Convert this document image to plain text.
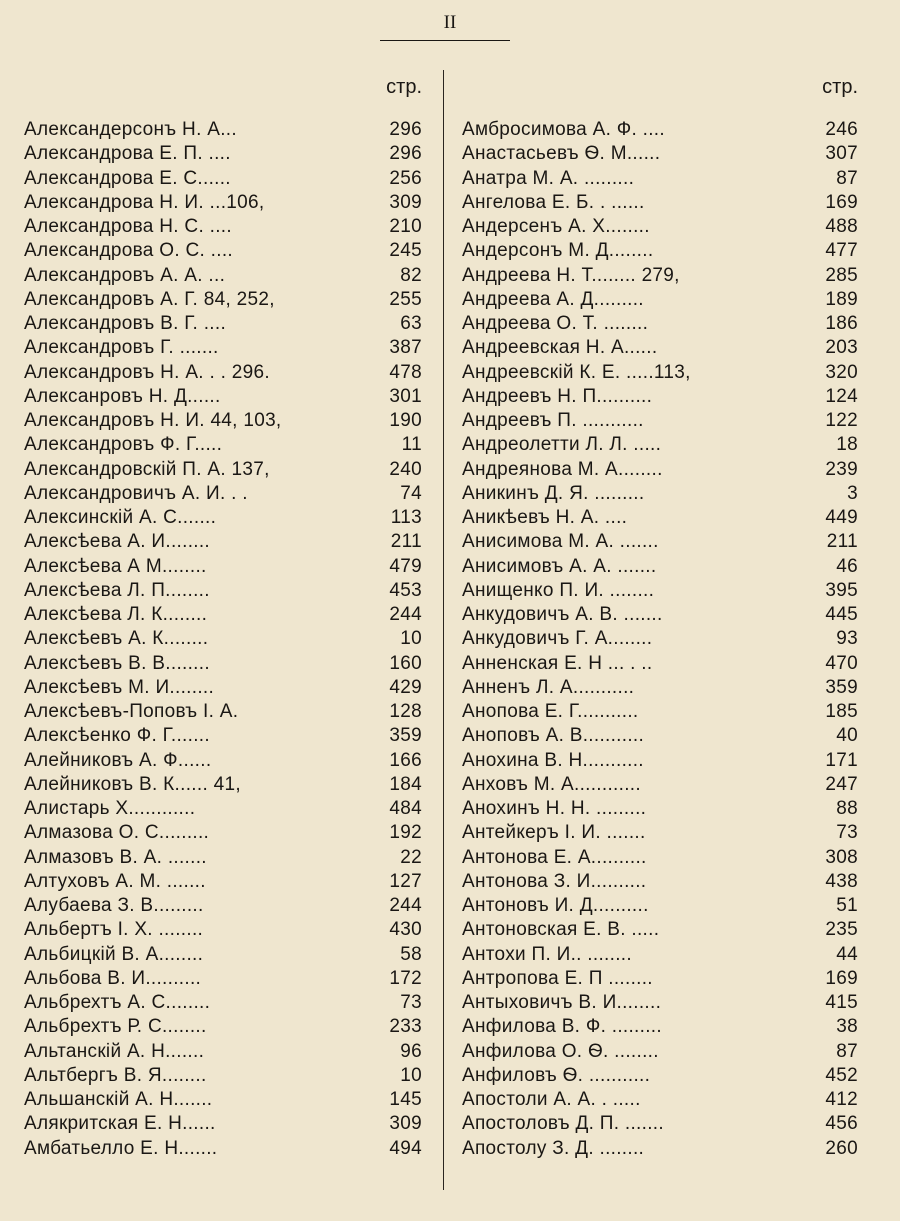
II
стр.
Александерсонъ Н. А...	296
Александрова Е. П. ....	296
Александрова Е. С......	256
Александрова Н. И. ...106,	309
Александрова Н. С. ....	210
Александрова О. С. ....	245
Александровъ А. А. ...	82
Александровъ А. Г. 84, 252,	255
Александровъ В. Г. ....	63
Александровъ Г. .......	387
Александровъ Н. А. . . 296.	478
Алексанровъ Н. Д......	301
Александровъ Н. И. 44, 103,	190
Александровъ Ф. Г.....	11
Александровскій П. А. 137,	240
Александровичъ А. И. . .	74
Алексинскій А. С.......	113
Алексѣева А. И........	211
Алексѣева А М........	479
Алексѣева Л. П........	453
Алексѣева Л. К........	244
Алексѣевъ А. К........	10
Алексѣевъ В. В........	160
Алексѣевъ М. И........	429
Алексѣевъ-Поповъ І. А.	128
Алексѣенко Ф. Г.......	359
Алейниковъ А. Ф......	166
Алейниковъ В. К...... 41,	184
Алистарь Х............	484
Алмазова О. С.........	192
Алмазовъ В. А. .......	22
Алтуховъ А. М. .......	127
Алубаева З. В.........	244
Альбертъ І. Х. ........	430
Альбицкій В. А........	58
Альбова В. И..........	172
Альбрехтъ А. С........	73
Альбрехтъ Р. С........	233
Альтанскій А. Н.......	96
Альтбергъ В. Я........	10
Альшанскій А. Н.......	145
Алякритская Е. Н......	309
Амбатьелло Е. Н.......	494
стр.
Амбросимова А. Ф. ....	246
Анастасьевъ Ѳ. М......	307
Анатра М. А. .........	87
Ангелова Е. Б. . ......	169
Андерсенъ А. Х........	488
Андерсонъ М. Д........	477
Андреева Н. Т........ 279,	285
Андреева А. Д.........	189
Андреева О. Т. ........	186
Андреевская Н. А......	203
Андреевскій К. Е. .....113,	320
Андреевъ Н. П..........	124
Андреевъ П. ...........	122
Андреолетти Л. Л. .....	18
Андреянова М. А........	239
Аникинъ Д. Я. .........	3
Аникѣевъ Н. А. ....	449
Анисимова М. А. .......	211
Анисимовъ А. А. .......	46
Анищенко П. И. ........	395
Анкудовичъ А. В. .......	445
Анкудовичъ Г. А........	93
Анненская Е. Н ... . ..	470
Анненъ Л. А...........	359
Анопова Е. Г...........	185
Аноповъ А. В...........	40
Анохина В. Н...........	171
Анховъ М. А............	247
Анохинъ Н. Н. .........	88
Антейкеръ І. И. .......	73
Антонова Е. А..........	308
Антонова З. И..........	438
Антоновъ И. Д..........	51
Антоновская Е. В. .....	235
Антохи П. И.. ........	44
Антропова Е. П ........	169
Антыховичъ В. И........	415
Анфилова В. Ф. .........	38
Анфилова О. Ѳ. ........	87
Анфиловъ Ѳ. ...........	452
Апостоли А. А. . .....	412
Апостоловъ Д. П. .......	456
Апостолу З. Д. ........	260
